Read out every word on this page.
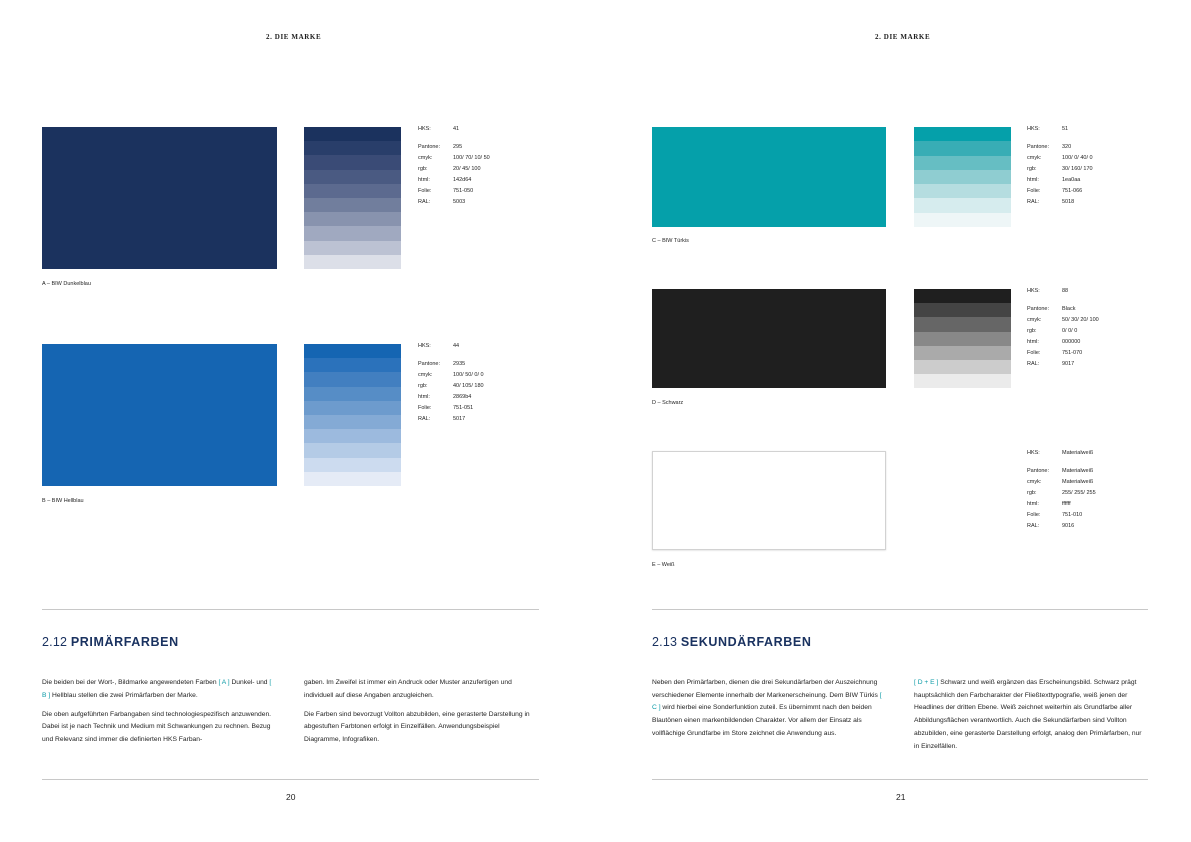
2. DIE MARKE
HKS:	41
Pantone:	295
cmyk:	100/ 70/ 10/ 50
rgb:	20/ 45/ 100
html:	142d64
Folie:	751-050
RAL:	5003
A – BIW Dunkelblau
HKS:	44
Pantone:	2935
cmyk:	100/ 50/ 0/ 0
rgb:	40/ 105/ 180
html:	2869b4
Folie:	751-051
RAL:	5017
B – BIW Hellblau
2.12 PRIMÄRFARBEN
Die beiden bei der Wort-, Bildmarke angewendeten Farben [ A ] Dunkel- und [ B ] Hellblau stellen die zwei Primärfarben der Marke.
Die oben aufgeführten Farbangaben sind technologiespezifisch anzuwenden. Dabei ist je nach Technik und Medium mit Schwankungen zu rechnen. Bezug und Relevanz sind immer die definierten HKS Farban-
gaben. Im Zweifel ist immer ein Andruck oder Muster anzufertigen und individuell auf diese Angaben anzugleichen.
Die Farben sind bevorzugt Vollton abzubilden, eine gerasterte Darstellung in abgestuften Farbtonen erfolgt in Einzelfällen. Anwendungsbeispiel Diagramme, Infografiken.
20
2. DIE MARKE
HKS:	51
Pantone:	320
cmyk:	100/ 0/ 40/ 0
rgb:	30/ 160/ 170
html:	1ea0aa
Folie:	751-066
RAL:	5018
C – BIW Türkis
HKS:	88
Pantone:	Black
cmyk:	50/ 30/ 20/ 100
rgb:	0/ 0/ 0
html:	000000
Folie:	751-070
RAL:	9017
D – Schwarz
HKS:	Materialweiß
Pantone:	Materialweiß
cmyk:	Materialweiß
rgb:	255/ 255/ 255
html:	ffffff
Folie:	751-010
RAL:	9016
E – Weiß
2.13 SEKUNDÄRFARBEN
Neben den Primärfarben, dienen die drei Sekundärfarben der Auszeichnung verschiedener Elemente innerhalb der Markenerscheinung. Dem BIW Türkis [ C ] wird hierbei eine Sonderfunktion zuteil. Es übernimmt nach den beiden Blautönen einen markenbildenden Charakter. Vor allem der Einsatz als vollflächige Grundfarbe im Store zeichnet die Anwendung aus.
[ D + E ] Schwarz und weiß ergänzen das Erscheinungsbild. Schwarz prägt hauptsächlich den Farbcharakter der Fließtexttypografie, weiß jenen der Headlines der dritten Ebene. Weiß zeichnet weiterhin als Grundfarbe aller Abbildungsflächen verantwortlich. Auch die Sekundärfarben sind Vollton abzubilden, eine gerasterte Darstellung erfolgt, analog den Primärfarben, nur in Einzelfällen.
21
